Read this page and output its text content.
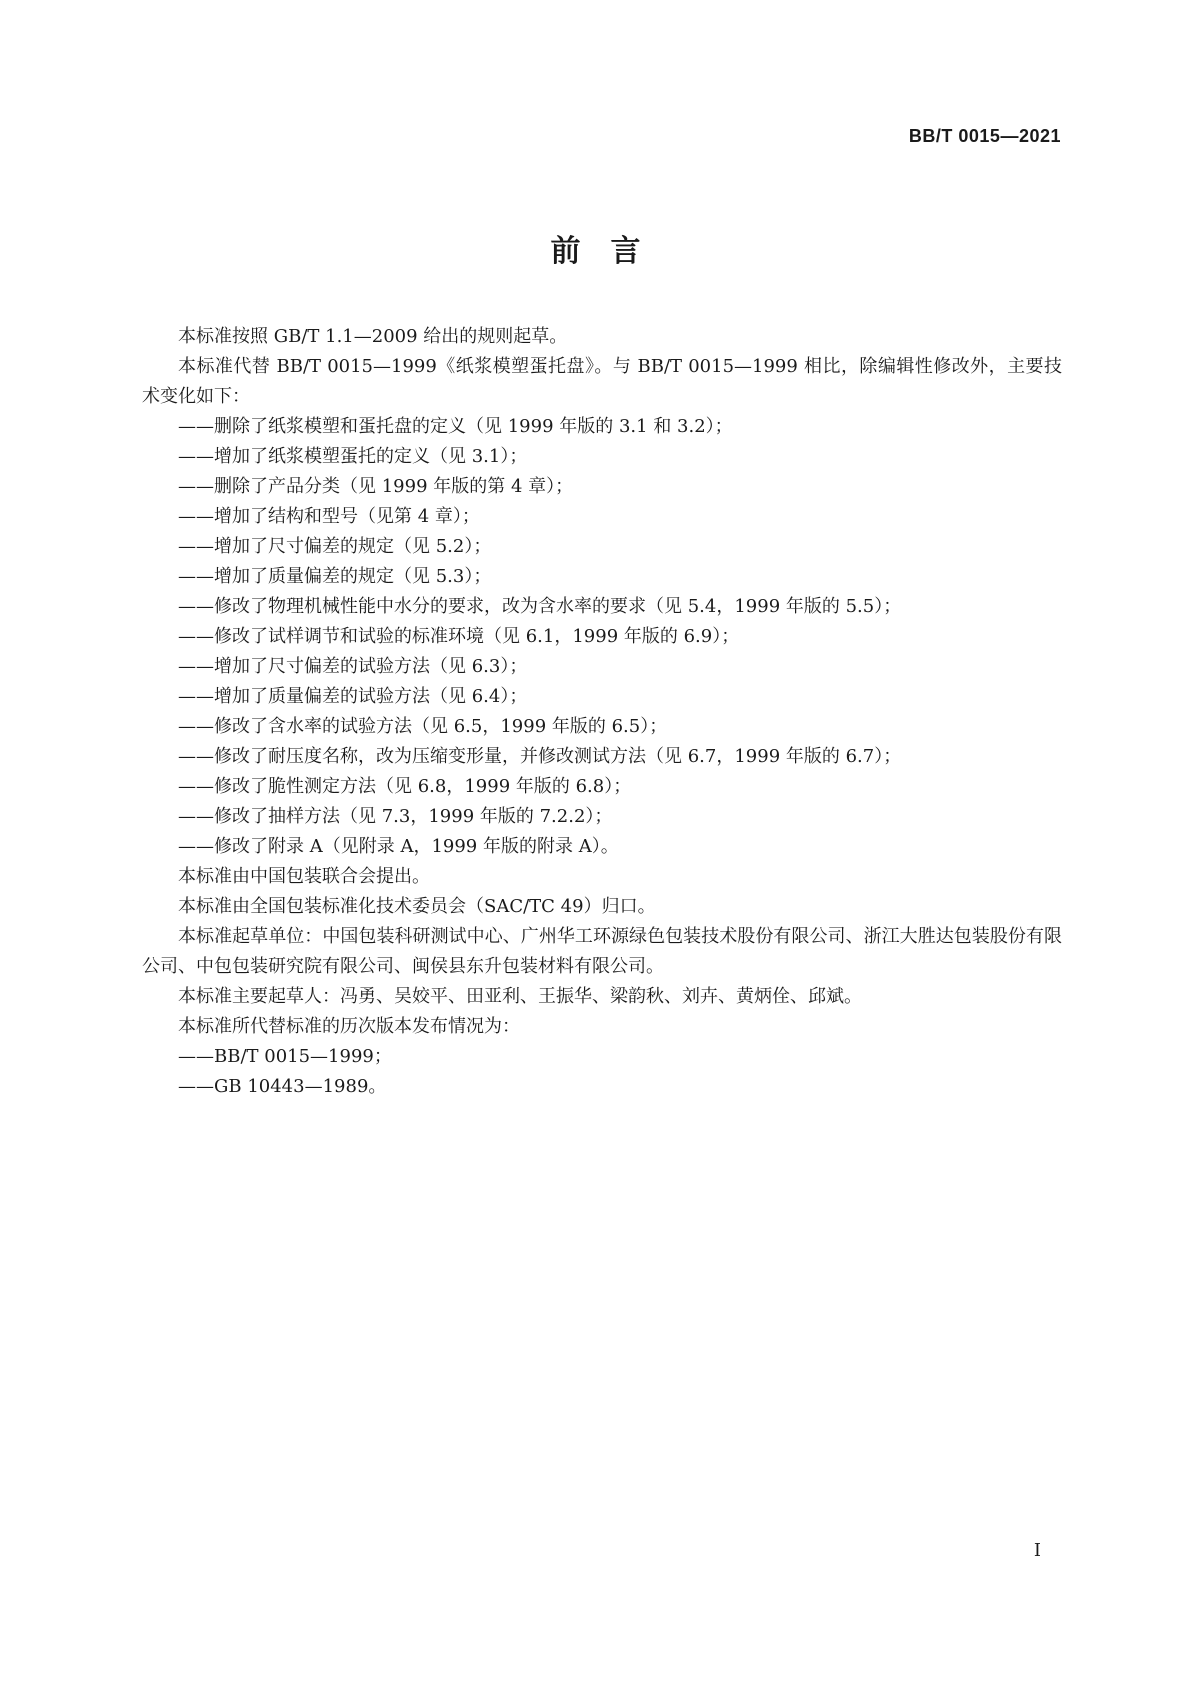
BB/T 0015—2021
前　言

本标准按照 GB/T 1.1—2009 给出的规则起草。

本标准代替 BB/T 0015—1999《纸浆模塑蛋托盘》。与 BB/T 0015—1999 相比，除编辑性修改外，主要技术变化如下：

——删除了纸浆模塑和蛋托盘的定义（见 1999 年版的 3.1 和 3.2）；

——增加了纸浆模塑蛋托的定义（见 3.1）；

——删除了产品分类（见 1999 年版的第 4 章）；

——增加了结构和型号（见第 4 章）；

——增加了尺寸偏差的规定（见 5.2）；

——增加了质量偏差的规定（见 5.3）；

——修改了物理机械性能中水分的要求，改为含水率的要求（见 5.4，1999 年版的 5.5）；

——修改了试样调节和试验的标准环境（见 6.1，1999 年版的 6.9）；

——增加了尺寸偏差的试验方法（见 6.3）；

——增加了质量偏差的试验方法（见 6.4）；

——修改了含水率的试验方法（见 6.5，1999 年版的 6.5）；

——修改了耐压度名称，改为压缩变形量，并修改测试方法（见 6.7，1999 年版的 6.7）；

——修改了脆性测定方法（见 6.8，1999 年版的 6.8）；

——修改了抽样方法（见 7.3，1999 年版的 7.2.2）；

——修改了附录 A（见附录 A，1999 年版的附录 A）。

本标准由中国包装联合会提出。

本标准由全国包装标准化技术委员会（SAC/TC 49）归口。

本标准起草单位：中国包装科研测试中心、广州华工环源绿色包装技术股份有限公司、浙江大胜达包装股份有限公司、中包包装研究院有限公司、闽侯县东升包装材料有限公司。

本标准主要起草人：冯勇、吴姣平、田亚利、王振华、梁韵秋、刘卉、黄炳佺、邱斌。

本标准所代替标准的历次版本发布情况为：

——BB/T 0015—1999；

——GB 10443—1989。

I
